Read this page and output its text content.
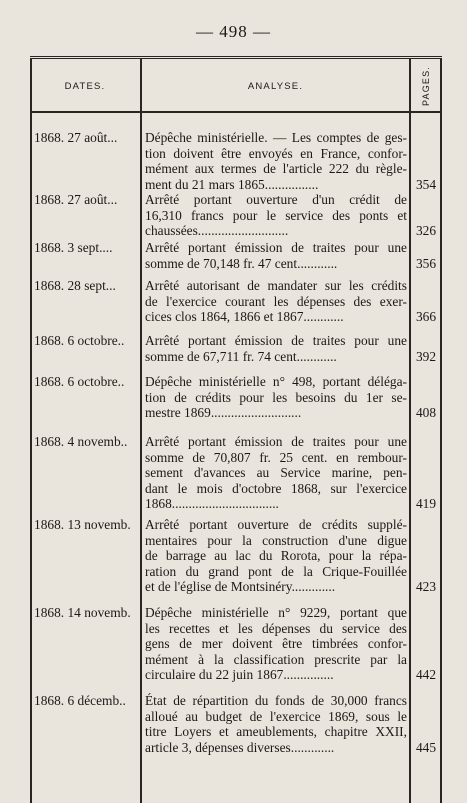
— 498 —
DATES.	ANALYSE.	PAGES.
1868. 27 août...	Dépêche ministérielle. — Les comptes de ges-
tion doivent être envoyés en France, confor-
mément aux termes de l'article 222 du règle-
ment du 21 mars 1865................	354
1868. 27 août...	Arrêté portant ouverture d'un crédit de
16,310 francs pour le service des ponts et
chaussées...........................	326
1868. 3 sept....	Arrêté portant émission de traites pour une
somme de 70,148 fr. 47 cent............	356
1868. 28 sept...	Arrêté autorisant de mandater sur les crédits
de l'exercice courant les dépenses des exer-
cices clos 1864, 1866 et 1867............	366
1868. 6 octobre..	Arrêté portant émission de traites pour une
somme de 67,711 fr. 74 cent............	392
1868. 6 octobre..	Dépêche ministérielle n° 498, portant déléga-
tion de crédits pour les besoins du 1er se-
mestre 1869...........................	408
1868. 4 novemb..	Arrêté portant émission de traites pour une
somme de 70,807 fr. 25 cent. en rembour-
sement d'avances au Service marine, pen-
dant le mois d'octobre 1868, sur l'exercice
1868................................	419
1868. 13 novemb.	Arrêté portant ouverture de crédits supplé-
mentaires pour la construction d'une digue
de barrage au lac du Rorota, pour la répa-
ration du grand pont de la Crique-Fouillée
et de l'église de Montsinéry.............	423
1868. 14 novemb.	Dépêche ministérielle n° 9229, portant que
les recettes et les dépenses du service des
gens de mer doivent être timbrées confor-
mément à la classification prescrite par la
circulaire du 22 juin 1867...............	442
1868. 6 décemb..	État de répartition du fonds de 30,000 francs
alloué au budget de l'exercice 1869, sous le
titre Loyers et ameublements, chapitre XXII,
article 3, dépenses diverses.............	445
